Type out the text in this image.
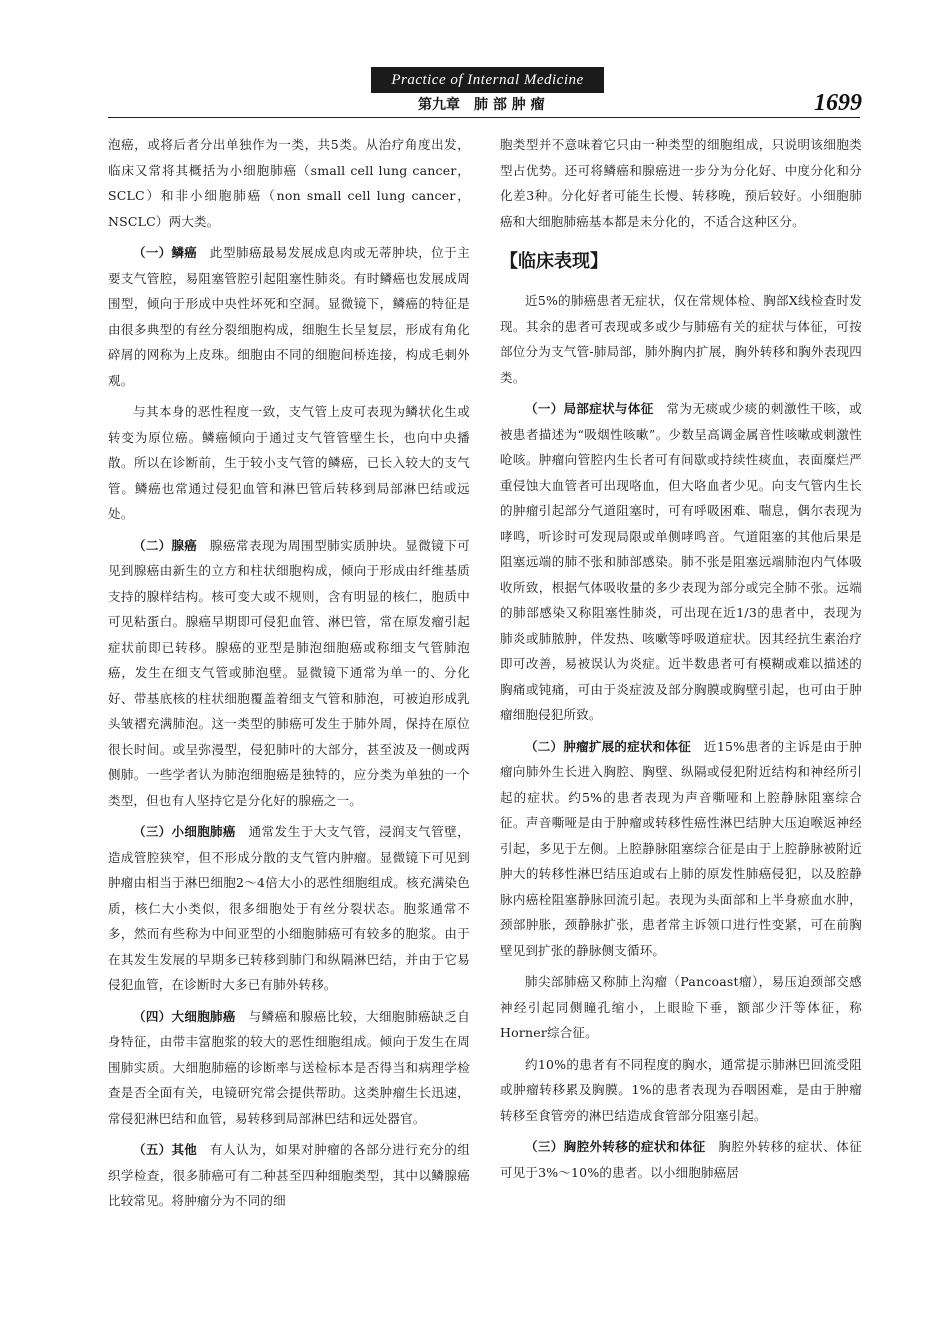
Practice of Internal Medicine
第九章　肺 部 肿 瘤	1699

泡癌，或将后者分出单独作为一类，共5类。从治疗角度出发，临床又常将其概括为小细胞肺癌（small cell lung cancer，SCLC）和非小细胞肺癌（non small cell lung cancer，NSCLC）两大类。

（一）鳞癌　 此型肺癌最易发展成息肉或无蒂肿块，位于主要支气管腔，易阻塞管腔引起阻塞性肺炎。有时鳞癌也发展成周围型，倾向于形成中央性坏死和空洞。显微镜下，鳞癌的特征是由很多典型的有丝分裂细胞构成，细胞生长呈复层，形成有角化碎屑的网称为上皮珠。细胞由不同的细胞间桥连接，构成毛刺外观。

与其本身的恶性程度一致，支气管上皮可表现为鳞状化生或转变为原位癌。鳞癌倾向于通过支气管管壁生长，也向中央播散。所以在诊断前，生于较小支气管的鳞癌，已长入较大的支气管。鳞癌也常通过侵犯血管和淋巴管后转移到局部淋巴结或远处。

（二）腺癌　 腺癌常表现为周围型肺实质肿块。显微镜下可见到腺癌由新生的立方和柱状细胞构成，倾向于形成由纤维基质支持的腺样结构。核可变大或不规则，含有明显的核仁，胞质中可见粘蛋白。腺癌早期即可侵犯血管、淋巴管，常在原发瘤引起症状前即已转移。腺癌的亚型是肺泡细胞癌或称细支气管肺泡癌，发生在细支气管或肺泡壁。显微镜下通常为单一的、分化好、带基底核的柱状细胞覆盖着细支气管和肺泡，可被迫形成乳头皱褶充满肺泡。这一类型的肺癌可发生于肺外周，保持在原位很长时间。或呈弥漫型，侵犯肺叶的大部分，甚至波及一侧或两侧肺。一些学者认为肺泡细胞癌是独特的，应分类为单独的一个类型，但也有人坚持它是分化好的腺癌之一。

（三）小细胞肺癌　 通常发生于大支气管，浸润支气管壁，造成管腔狭窄，但不形成分散的支气管内肿瘤。显微镜下可见到肿瘤由相当于淋巴细胞2～4倍大小的恶性细胞组成。核充满染色质，核仁大小类似，很多细胞处于有丝分裂状态。胞浆通常不多，然而有些称为中间亚型的小细胞肺癌可有较多的胞浆。由于在其发生发展的早期多已转移到肺门和纵隔淋巴结，并由于它易侵犯血管，在诊断时大多已有肺外转移。

（四）大细胞肺癌　 与鳞癌和腺癌比较，大细胞肺癌缺乏自身特征，由带丰富胞浆的较大的恶性细胞组成。倾向于发生在周围肺实质。大细胞肺癌的诊断率与送检标本是否得当和病理学检查是否全面有关，电镜研究常会提供帮助。这类肿瘤生长迅速，常侵犯淋巴结和血管，易转移到局部淋巴结和远处器官。

（五）其他　 有人认为，如果对肿瘤的各部分进行充分的组织学检查，很多肺癌可有二种甚至四种细胞类型，其中以鳞腺癌比较常见。将肿瘤分为不同的细

胞类型并不意味着它只由一种类型的细胞组成，只说明该细胞类型占优势。还可将鳞癌和腺癌进一步分为分化好、中度分化和分化差3种。分化好者可能生长慢、转移晚，预后较好。小细胞肺癌和大细胞肺癌基本都是未分化的，不适合这种区分。

【临床表现】

近5%的肺癌患者无症状，仅在常规体检、胸部X线检查时发现。其余的患者可表现或多或少与肺癌有关的症状与体征，可按部位分为支气管-肺局部，肺外胸内扩展，胸外转移和胸外表现四类。

（一）局部症状与体征　 常为无痰或少痰的刺激性干咳，或被患者描述为“吸烟性咳嗽”。少数呈高调金属音性咳嗽或刺激性呛咳。肿瘤向管腔内生长者可有间歇或持续性痰血，表面糜烂严重侵蚀大血管者可出现咯血，但大咯血者少见。向支气管内生长的肿瘤引起部分气道阻塞时，可有呼吸困难、喘息，偶尔表现为哮鸣，听诊时可发现局限或单侧哮鸣音。气道阻塞的其他后果是阻塞远端的肺不张和肺部感染。肺不张是阻塞远端肺泡内气体吸收所致，根据气体吸收量的多少表现为部分或完全肺不张。远端的肺部感染又称阻塞性肺炎，可出现在近1/3的患者中，表现为肺炎或肺脓肿，伴发热、咳嗽等呼吸道症状。因其经抗生素治疗即可改善，易被误认为炎症。近半数患者可有模糊或难以描述的胸痛或钝痛，可由于炎症波及部分胸膜或胸壁引起，也可由于肿瘤细胞侵犯所致。

（二）肿瘤扩展的症状和体征　 近15%患者的主诉是由于肿瘤向肺外生长进入胸腔、胸壁、纵隔或侵犯附近结构和神经所引起的症状。约5%的患者表现为声音嘶哑和上腔静脉阻塞综合征。声音嘶哑是由于肿瘤或转移性癌性淋巴结肿大压迫喉返神经引起，多见于左侧。上腔静脉阻塞综合征是由于上腔静脉被附近肿大的转移性淋巴结压迫或右上肺的原发性肺癌侵犯，以及腔静脉内癌栓阻塞静脉回流引起。表现为头面部和上半身瘀血水肿，颈部肿胀，颈静脉扩张，患者常主诉领口进行性变紧，可在前胸壁见到扩张的静脉侧支循环。

肺尖部肺癌又称肺上沟瘤（Pancoast瘤），易压迫颈部交感神经引起同侧瞳孔缩小，上眼睑下垂，额部少汗等体征，称Horner综合征。

约10%的患者有不同程度的胸水，通常提示肺淋巴回流受阻或肿瘤转移累及胸膜。1%的患者表现为吞咽困难，是由于肿瘤转移至食管旁的淋巴结造成食管部分阻塞引起。

（三）胸腔外转移的症状和体征　 胸腔外转移的症状、体征可见于3%～10%的患者。以小细胞肺癌居
